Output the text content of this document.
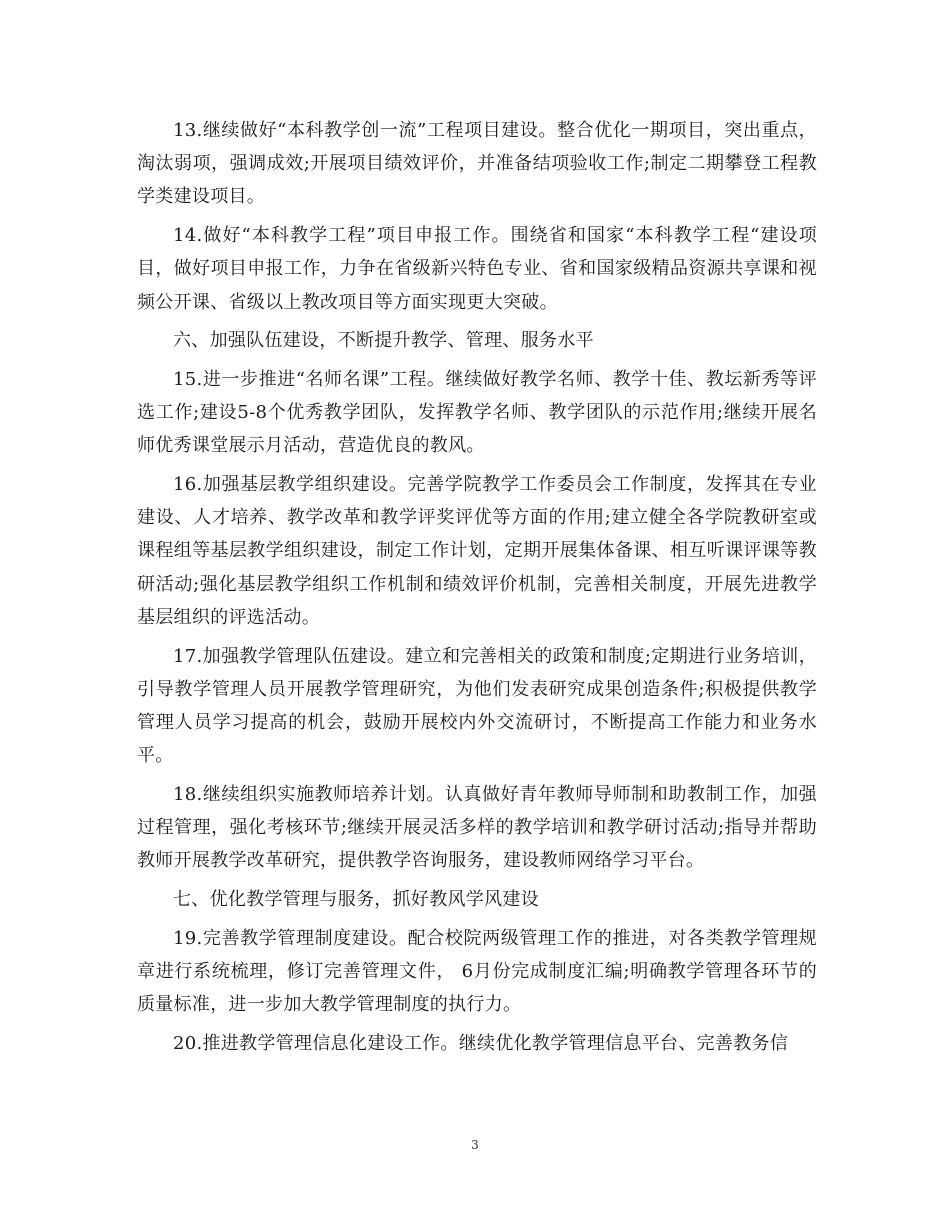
13.继续做好“本科教学创一流”工程项目建设。整合优化一期项目，突出重点，淘汰弱项，强调成效;开展项目绩效评价，并准备结项验收工作;制定二期攀登工程教学类建设项目。

14.做好“本科教学工程”项目申报工作。围绕省和国家“本科教学工程“建设项目，做好项目申报工作，力争在省级新兴特色专业、省和国家级精品资源共享课和视频公开课、省级以上教改项目等方面实现更大突破。

六、加强队伍建设，不断提升教学、管理、服务水平

15.进一步推进“名师名课”工程。继续做好教学名师、教学十佳、教坛新秀等评选工作;建设5-8个优秀教学团队，发挥教学名师、教学团队的示范作用;继续开展名师优秀课堂展示月活动，营造优良的教风。

16.加强基层教学组织建设。完善学院教学工作委员会工作制度，发挥其在专业建设、人才培养、教学改革和教学评奖评优等方面的作用;建立健全各学院教研室或课程组等基层教学组织建设，制定工作计划，定期开展集体备课、相互听课评课等教研活动;强化基层教学组织工作机制和绩效评价机制，完善相关制度，开展先进教学基层组织的评选活动。

17.加强教学管理队伍建设。建立和完善相关的政策和制度;定期进行业务培训，引导教学管理人员开展教学管理研究，为他们发表研究成果创造条件;积极提供教学管理人员学习提高的机会，鼓励开展校内外交流研讨，不断提高工作能力和业务水平。

18.继续组织实施教师培养计划。认真做好青年教师导师制和助教制工作，加强过程管理，强化考核环节;继续开展灵活多样的教学培训和教学研讨活动;指导并帮助教师开展教学改革研究，提供教学咨询服务，建设教师网络学习平台。

七、优化教学管理与服务，抓好教风学风建设

19.完善教学管理制度建设。配合校院两级管理工作的推进，对各类教学管理规章进行系统梳理，修订完善管理文件， 6月份完成制度汇编;明确教学管理各环节的质量标准，进一步加大教学管理制度的执行力。

20.推进教学管理信息化建设工作。继续优化教学管理信息平台、完善教务信

3
